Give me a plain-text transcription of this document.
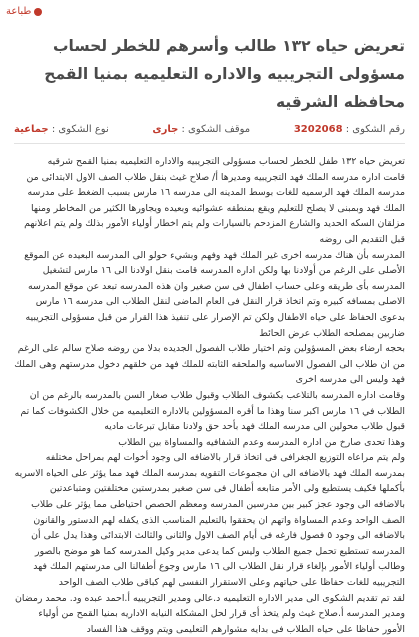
طباعة
تعريض حياه ١٣٢ طالب وأسرهم للخطر لحساب مسؤولى التجريبيه والاداره التعليميه بمنيا القمح محافظه الشرقيه
رقم الشكوى : 3202068
موقف الشكوى : جارى
نوع الشكوى : جماعية

تعريض حياه ١٣٢ طفل للخطر لحساب مسؤولى التجريبيه والاداره التعليميه بمنيا القمح شرقيه

قامت اداره مدرسه الملك فهد التجريبيه ومديرها أ/ صلاح غيث بنقل طلاب الصف الاول الابتدائى من مدرسه الملك فهد الرسميه للغات بوسط المدينه الى مدرسه ١٦ مارس بسبب الضغط على مدرسه الملك فهد وبمبنى لا يصلح للتعليم ويقع بمنطقه عشوائيه وبعيده ويجاورها الكثير من المخاطر ومنها مزلقان السكه الحديد والشارع المزدحم بالسيارات ولم يتم اخطار أولياء الأمور بذلك ولم يتم اعلانهم قبل التقديم الى روضه

المدرسه بأن هناك مدرسه اخرى غير الملك فهد وفهم وبشيء حولو الى المدرسه البعيده عن الموقع الأصلى على الرغم من أولادنا بها ولكن اداره المدرسه قامت بنقل اولادنا الى ١٦ مارس لتشغيل المدرسه بأى طريقه وعلى حساب اطفال فى سن صغير وان هذه المدرسه تبعد عن موقع المدرسه الاصلى بمسافه كبيره وتم اتخاذ قرار النقل فى العام الماضى لنقل الطلاب الى مدرسه ١٦ مارس بدعوى الحفاظ على حياه الاطفال ولكن تم الإصرار على تنفيذ هذا القرار من قبل مسؤولى التجريبيه ضاربين بمصلحه الطلاب عرض الحائط

بحجه ارضاء بعض المسؤولين وتم اختيار طلاب الفصول الجديده بدلا من روضه صلاح سالم على الرغم من ان طلاب الى الفصول الاساسيه والملحقه الثابته للملك فهد من خلقهم دخول مدرستهم وهى الملك فهد وليس الى مدرسه اخرى

وقامت اداره المدرسه بالتلاعب بكشوف الطلاب وقبول طلاب صغار السن بالمدرسه بالرغم من ان الطلاب في ١٦ مارس اكبر سنا وهذا ما أقره المسؤولين بالاداره التعليميه من خلال الكشوفات كما تم قبول طلاب محولين الى مدرسه الملك فهد بأحد حق ولادنا مقابل تبرعات ماديه

وهذا تحدى صارخ من اداره المدرسه وعدم الشفافيه والمساواة بين الطلاب

ولم يتم مراعاه التوزيع الجغرافى فى اتخاذ قرار بالاضافه الى وجود أخوات لهم بمراحل مختلفه بمدرسه الملك فهد بالاضافه الى ان مجموعات التقويه بمدرسه الملك فهد مما يؤثر على الحياه الاسريه بأكملها فكيف يستطيع ولى الأمر متابعه أطفال فى سن صغير بمدرستين مختلفتين ومتباعدتين

بالاضافه الى وجود عجز كبير بين مدرسين المدرسه ومعظم الحصص احتياطى مما يؤثر على طلاب الصف الواحد وعدم المساواة واتهم ان يحققوا بالتعليم المناسب الذى يكفله لهم الدستور والقانون

بالاضافه الى وجود ٥ فصول فارغه فى أيام الصف الاول والثانى والثالث الابتدائى وهذا يدل على أن المدرسه تستطيع تحمل جميع الطلاب وليس كما يدعى مدير وكيل المدرسه كما هو موضح بالصور

وطالب أولياء الأمور بإلغاء قرار نقل الطلاب الى ١٦ مارس وجوع أطفالنا الى مدرستهم الملك فهد التجريبيه للغات حفاظا على حياتهم وعلى الاستقرار النفسى لهم كباقى طلاب الصف الواحد

لقد تم تقديم الشكوى الى مدير الاداره التعليميه د.عالى ومدير التجريبيه أ.احمد عبده ود. محمد رمضان ومدير المدرسه أ.صلاح غيث ولم يتخذ أى قرار لحل المشكله النيابه الاداريه بمنيا القمح من أولياء الأمور حفاظا على حياه الطلاب فى بدايه مشوارهم التعليمى ويتم ووقف هذا الفساد
